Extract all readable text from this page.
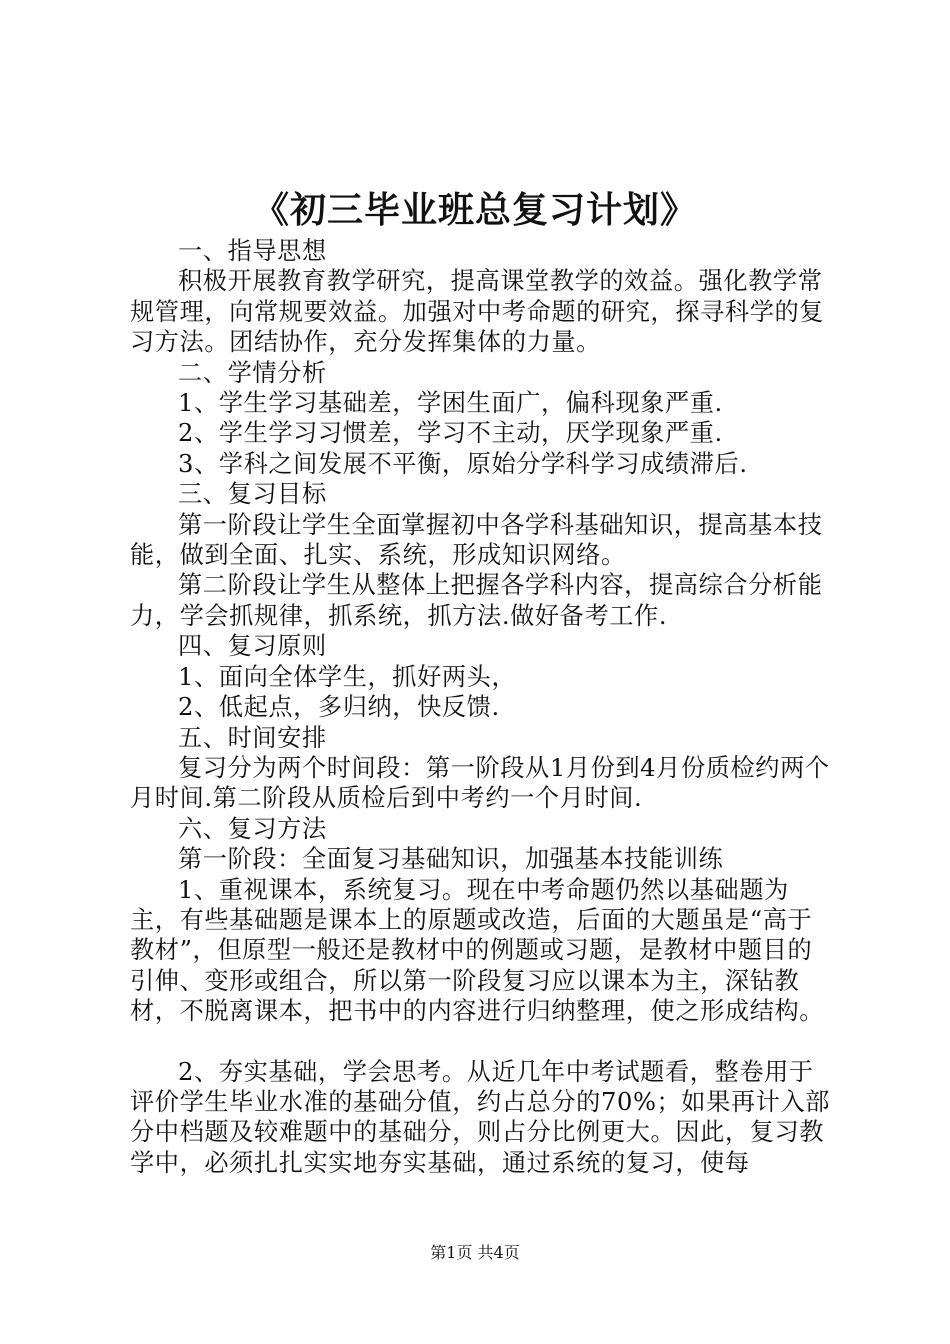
《初三毕业班总复习计划》

一、指导思想

积极开展教育教学研究，提高课堂教学的效益。强化教学常规管理，向常规要效益。加强对中考命题的研究，探寻科学的复习方法。团结协作，充分发挥集体的力量。

二、学情分析

1、学生学习基础差，学困生面广，偏科现象严重.

2、学生学习习惯差，学习不主动，厌学现象严重.

3、学科之间发展不平衡，原始分学科学习成绩滞后.

三、复习目标

第一阶段让学生全面掌握初中各学科基础知识，提高基本技能，做到全面、扎实、系统，形成知识网络。

第二阶段让学生从整体上把握各学科内容，提高综合分析能力，学会抓规律，抓系统，抓方法.做好备考工作.

四、复习原则

1、面向全体学生，抓好两头，

2、低起点，多归纳，快反馈.

五、时间安排

复习分为两个时间段：第一阶段从1月份到4月份质检约两个月时间.第二阶段从质检后到中考约一个月时间.

六、复习方法

第一阶段：全面复习基础知识，加强基本技能训练

1、重视课本，系统复习。现在中考命题仍然以基础题为主，有些基础题是课本上的原题或改造，后面的大题虽是“高于教材”，但原型一般还是教材中的例题或习题，是教材中题目的引伸、变形或组合，所以第一阶段复习应以课本为主，深钻教材，不脱离课本，把书中的内容进行归纳整理，使之形成结构。

2、夯实基础，学会思考。从近几年中考试题看，整卷用于评价学生毕业水准的基础分值，约占总分的70%；如果再计入部分中档题及较难题中的基础分，则占分比例更大。因此，复习教学中，必须扎扎实实地夯实基础，通过系统的复习，使每

第1页 共4页
